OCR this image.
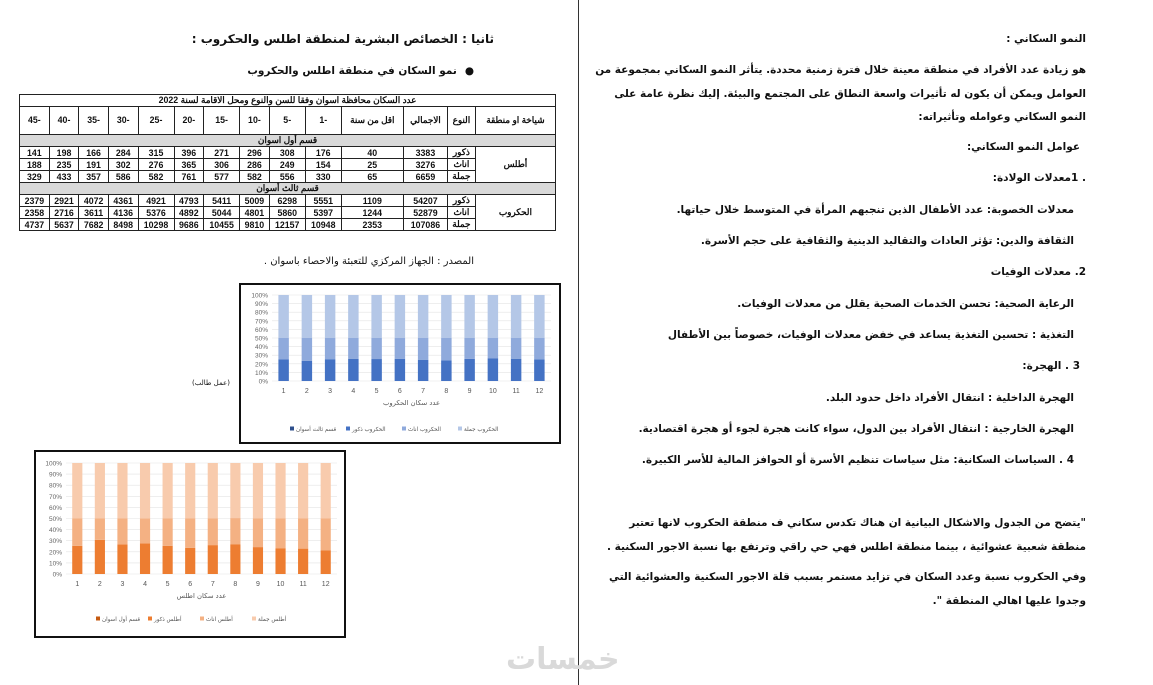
النمو السكاني :

هو زيادة عدد الأفراد في منطقة معينة خلال فترة زمنية محددة. يتأثر النمو السكاني بمجموعة من

العوامل ويمكن أن يكون له تأثيرات واسعة النطاق على المجتمع والبيئة. إليك نظرة عامة على

النمو السكاني وعوامله وتأثيراته:

عوامل النمو السكاني:

. 1معدلات الولادة:

معدلات الخصوبة: عدد الأطفال الذين تنجبهم المرأة في المتوسط خلال حياتها.

الثقافة والدين: تؤثر العادات والتقاليد الدينية والثقافية على حجم الأسرة.

2. معدلات الوفيات

الرعاية الصحية: تحسن الخدمات الصحية يقلل من معدلات الوفيات.

التغذية : تحسين التغذية يساعد في خفض معدلات الوفيات، خصوصاً بين الأطفال

3 . الهجرة:

الهجرة الداخلية : انتقال الأفراد داخل حدود البلد.

الهجرة الخارجية : انتقال الأفراد بين الدول، سواء كانت هجرة لجوء أو هجرة اقتصادية.

4 . السياسات السكانية: مثل سياسات تنظيم الأسرة أو الحوافز المالية للأسر الكبيرة.

"يتضح من الجدول والاشكال البيانية ان هناك تكدس سكاني ف منطقة الحكروب لانها تعتبر

منطقة شعبية عشوائية ، بينما منطقة اطلس فهي حي راقي وترتفع بها نسبة الاجور السكنية .

وفي الحكروب نسبة وعدد السكان في تزايد مستمر بسبب قلة الاجور السكنية والعشوائية التي

وجدوا عليها اهالي المنطقة ".

ثانيا : الخصائص البشرية لمنطقة اطلس والحكروب :
●نمو السكان في منطقة اطلس والحكروب
عدد السكان محافظة اسوان وفقا للسن والنوع ومحل الاقامة لسنة 2022													
شياخة او منطقة	النوع	الاجمالي	اقل من سنة	-1	-5	-10	-15	-20	-25	-30	-35	-40	-45
قسم أول اسوان													
أطلس	ذكور	3383	40	176	308	296	271	396	315	284	166	198	141
	اناث	3276	25	154	249	286	306	365	276	302	191	235	188
	جملة	6659	65	330	556	582	577	761	582	586	357	433	329
قسم ثالث أسوان													
الحكروب	ذكور	54207	1109	5551	6298	5009	5411	4793	4921	4361	4072	2921	2379
	اناث	52879	1244	5397	5860	4801	5044	4892	5376	4136	3611	2716	2358
	جملة	107086	2353	10948	12157	9810	10455	9686	10298	8498	7682	5637	4737
المصدر : الجهاز المركزي للتعبئة والاحصاء باسوان .
(عمل طالب)	0%
10%
20%
30%
40%
50%
60%
70%
80%
90%
100%
1	2	3	4	5	6	7	8	9 10 11 12
عدد سكان الحكروب
قسم ثالث أسوان	الحكروب ذكور	الحكروب اناث	الحكروب جملة
0%
10%
20%
30%
40%
50%
60%
70%
80%
90%
100%
1	2	3	4	5	6	7	8	9 10 11 12
عدد سكان اطلس
قسم أول اسوان أطلس ذكور	أطلس اناث	أطلس جملة
خمسات
